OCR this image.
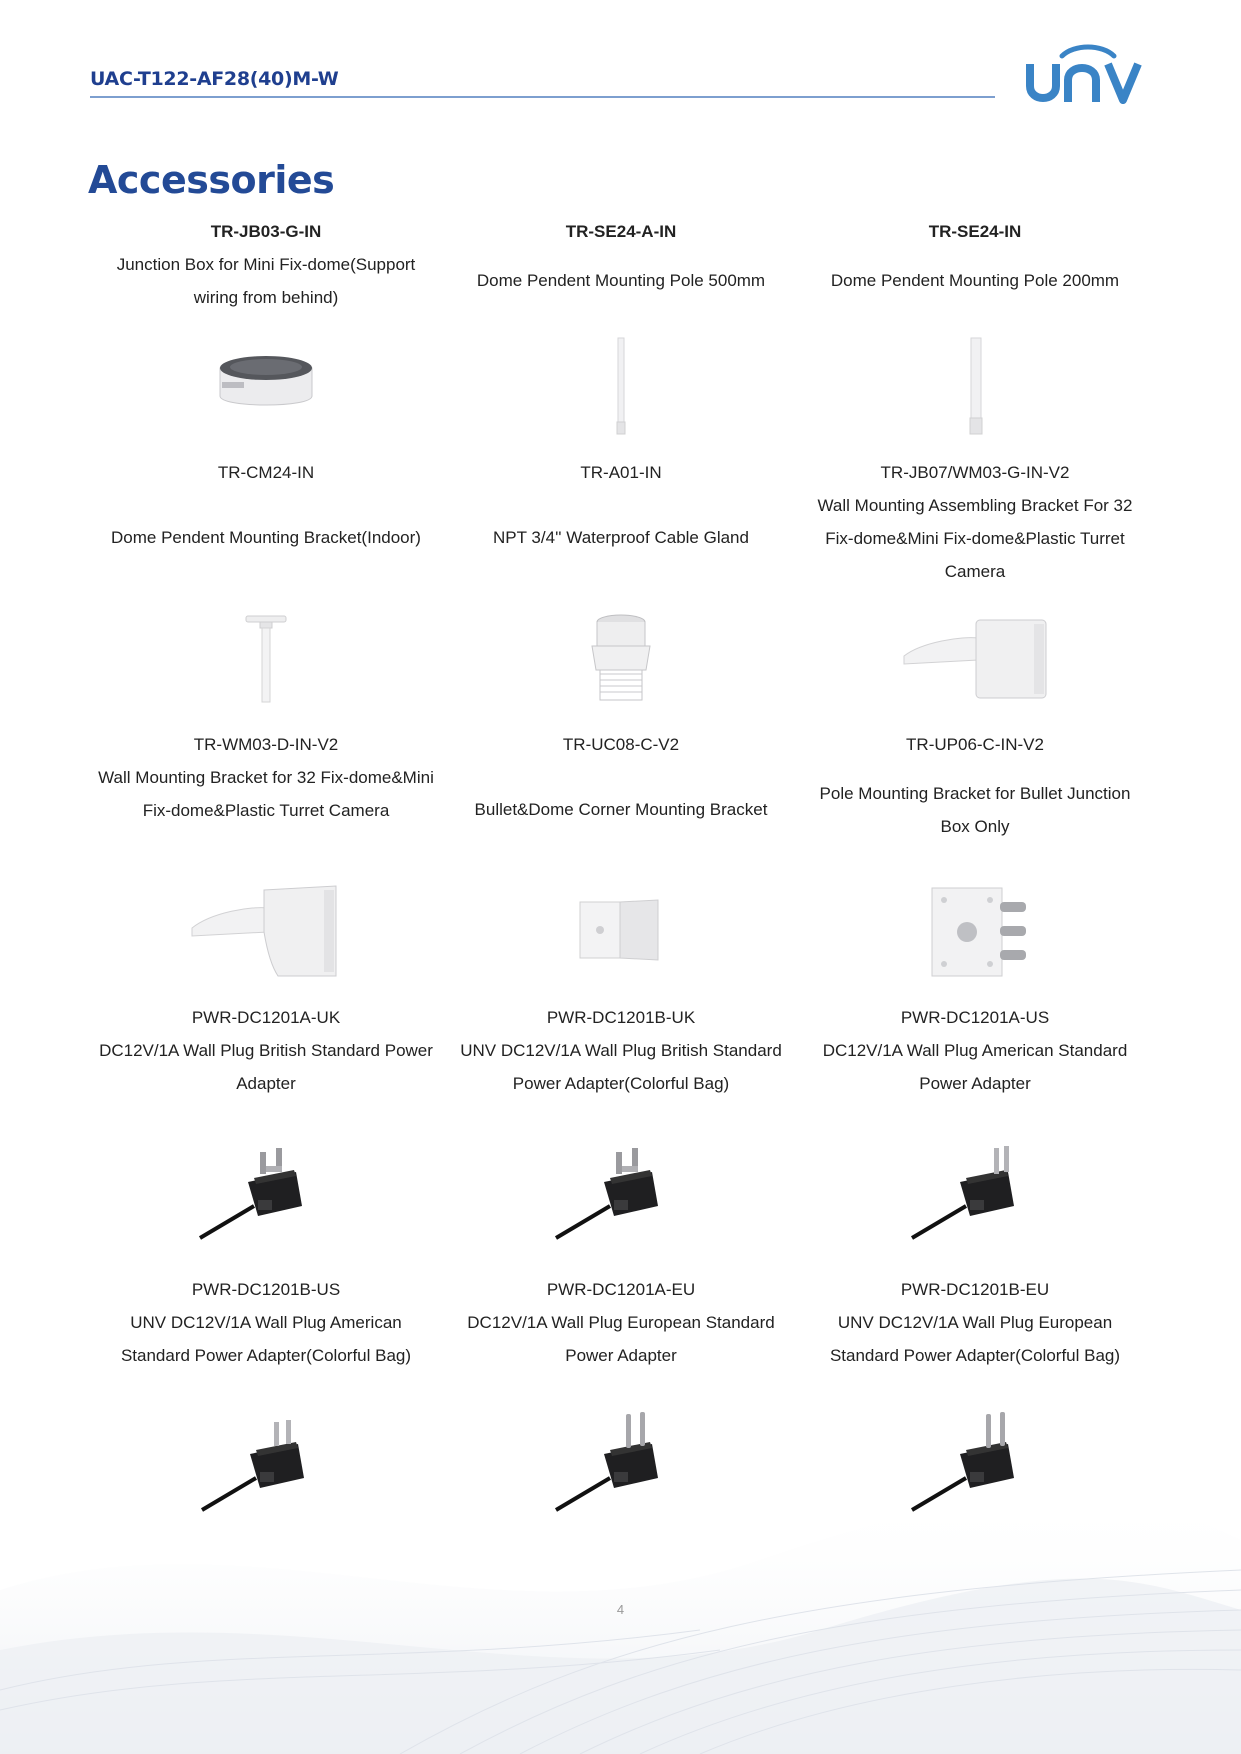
UAC-T122-AF28(40)M-W
Accessories
TR-JB03-G-IN
Junction Box for Mini Fix-dome(Support wiring from behind)
TR-SE24-A-IN
Dome Pendent Mounting Pole 500mm
TR-SE24-IN
Dome Pendent Mounting Pole 200mm
TR-CM24-IN
Dome Pendent Mounting Bracket(Indoor)
TR-A01-IN
NPT 3/4'' Waterproof Cable Gland
TR-JB07/WM03-G-IN-V2
Wall Mounting Assembling Bracket For 32 Fix-dome&Mini Fix-dome&Plastic Turret Camera
TR-WM03-D-IN-V2
Wall Mounting Bracket for 32 Fix-dome&Mini Fix-dome&Plastic Turret Camera
TR-UC08-C-V2
Bullet&Dome Corner Mounting Bracket
TR-UP06-C-IN-V2
Pole Mounting Bracket for Bullet Junction Box Only
PWR-DC1201A-UK
DC12V/1A Wall Plug British Standard Power Adapter
PWR-DC1201B-UK
UNV DC12V/1A Wall Plug British Standard Power Adapter(Colorful Bag)
PWR-DC1201A-US
DC12V/1A Wall Plug American Standard Power Adapter
PWR-DC1201B-US
UNV DC12V/1A Wall Plug American Standard Power Adapter(Colorful Bag)
PWR-DC1201A-EU
DC12V/1A Wall Plug European Standard Power Adapter
PWR-DC1201B-EU
UNV DC12V/1A Wall Plug European Standard Power Adapter(Colorful Bag)
4
